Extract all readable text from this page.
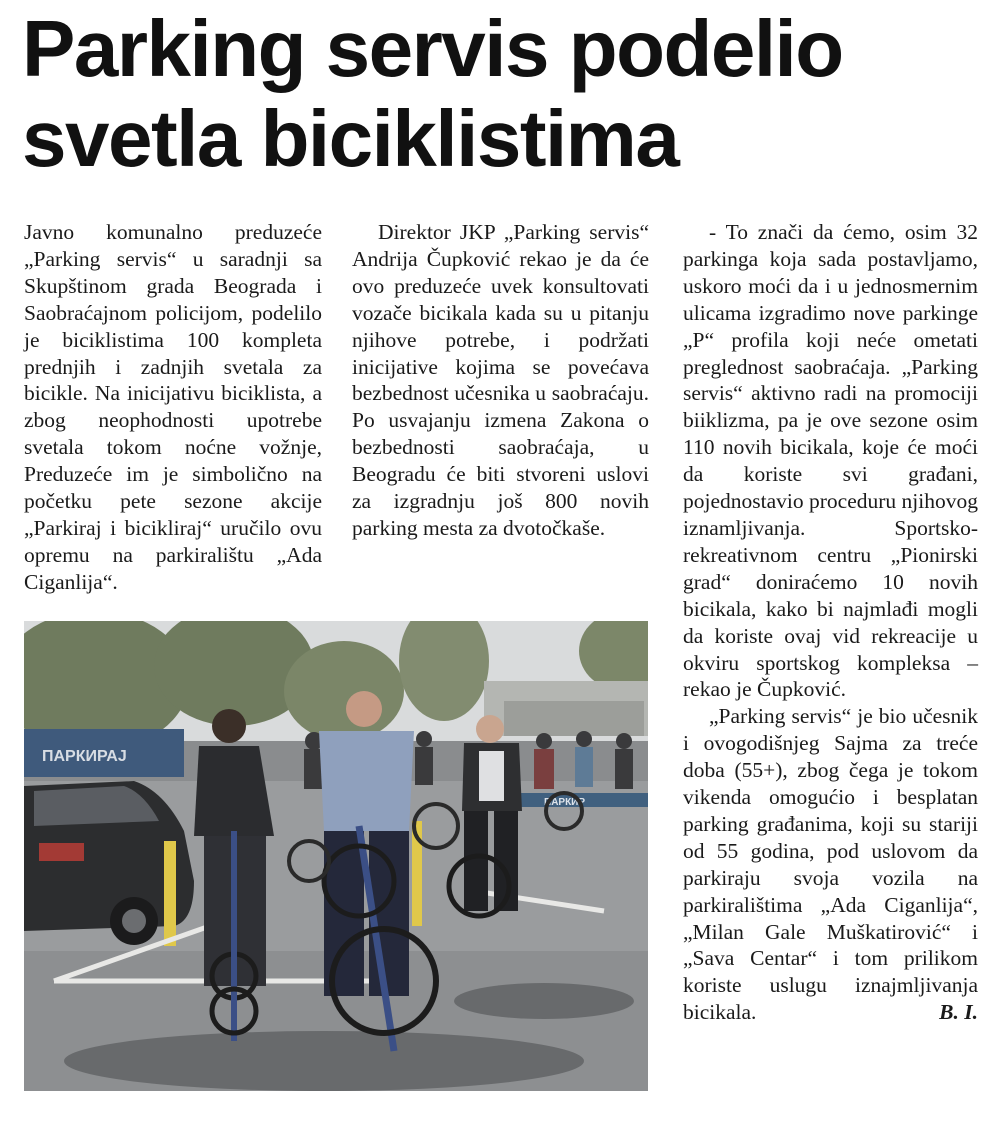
Parking servis podelio
svetla biciklistima

Javno komunalno preduzeće „Parking servis“ u saradnji sa Skupštinom grada Beograda i Saobraćajnom policijom, podelilo je biciklistima 100 kompleta prednjih i zadnjih svetala za bicikle. Na inicijativu biciklista, a zbog neophodnosti upotrebe svetala tokom noćne vožnje, Preduzeće im je simbolično na početku pete sezone akcije „Parkiraj i biciklirаj“ uručilo ovu opremu na parkiralištu „Ada Ciganlija“.

Direktor JKP „Parking servis“ Andrija Čupković rekao je da će ovo preduzeće uvek konsultovati vozače bicikala kada su u pitanju njihove potrebe, i podržati inicijative kojima se povećava bezbednost učesnika u saobraćaju. Po usvajanju izmena Zakona o bezbednosti saobraćaja, u Beogradu će biti stvoreni uslovi za izgradnju još 800 novih parking mesta za dvotočkaše.

- To znači da ćemo, osim 32 parkinga koja sada postavljamo, uskoro moći da i u jednosmernim ulicama izgradimo nove parkinge „P“ profila koji neće ometati preglednost saobraćaja. „Parking servis“ aktivno radi na promociji biiklizma, pa je ove sezone osim 110 novih bicikala, koje će moći da koriste svi građani, pojednostavio proceduru njihovog iznamljivanja. Sportsko-rekreativnom centru „Pionirski grad“ doniraćemo 10 novih bicikala, kako bi najmlađi mogli da koriste ovaj vid rekreacije u okviru sportskog kompleksa – rekao je Čupković.

„Parking servis“ je bio učesnik i ovogodišnjeg Sajma za treće doba (55+), zbog čega je tokom vikenda omogućio i besplatan parking građanima, koji su stariji od 55 godina, pod uslovom da parkiraju svoja vozila na parkiralištima „Ada Ciganlija“, „Milan Gale Muškatirović“ i „Sava Centar“ i tom prilikom koriste uslugu iznajmljivanja bicikala.	B. I.

ПАРКИРАЈ
ПАРКИР
